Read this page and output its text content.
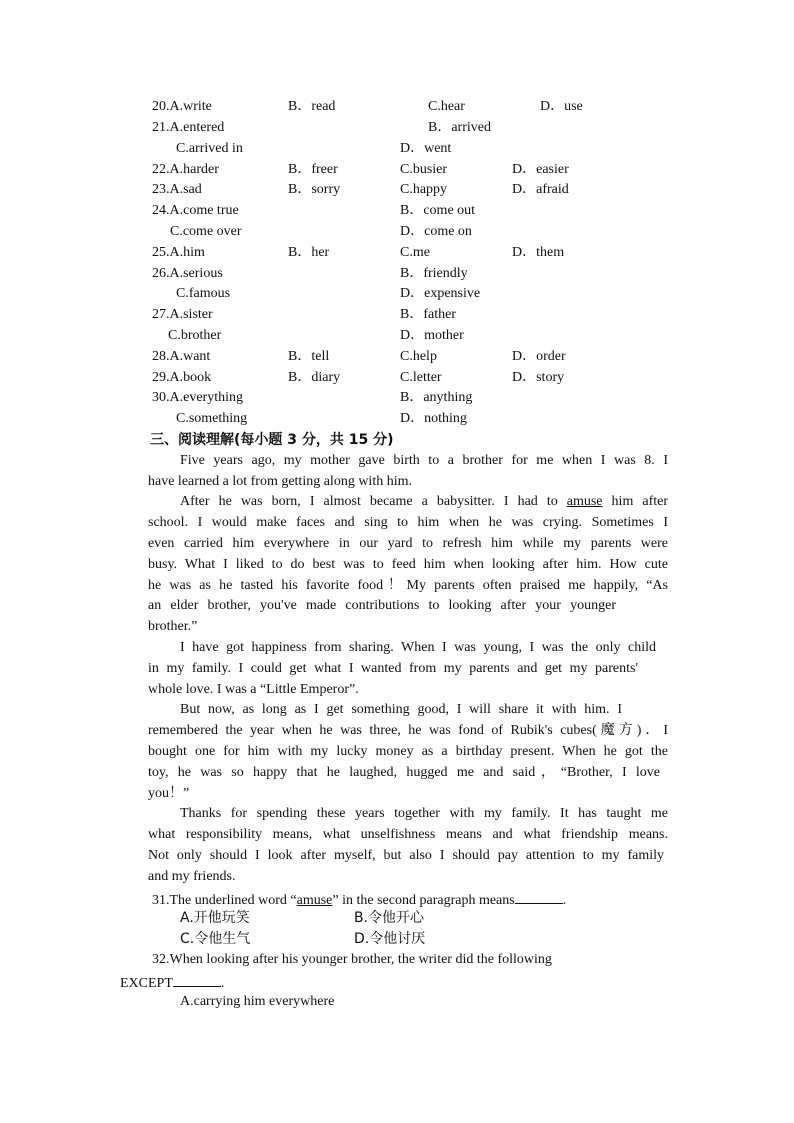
20.A.write	B．read	C.hear	D．use
21.A.entered	B．arrived
C.arrived in	D．went
22.A.harder	B．freer	C.busier	D．easier
23.A.sad	B．sorry	C.happy	D．afraid
24.A.come true	B．come out
C.come over	D．come on
25.A.him	B．her	C.me	D．them
26.A.serious	B．friendly
C.famous	D．expensive
27.A.sister	B．father
C.brother	D．mother
28.A.want	B．tell	C.help	D．order
29.A.book	B．diary	C.letter	D．story
30.A.everything	B．anything
C.something	D．nothing
三、阅读理解(每小题 3 分，共 15 分)
Five years ago, my mother gave birth to a brother for me when I was 8. I
have learned a lot from getting along with him.
After he was born, I almost became a babysitter. I had to amuse him after
school. I would make faces and sing to him when he was crying. Sometimes I
even carried him everywhere in our yard to refresh him while my parents were
busy. What I liked to do best was to feed him when looking after him. How cute
he was as he tasted his favorite food！My parents often praised me happily, “As
an elder brother, you've made contributions to looking after your younger
brother.”
I have got happiness from sharing. When I was young, I was the only child
in my family. I could get what I wanted from my parents and get my parents'
whole love. I was a “Little Emperor”.
But now, as long as I get something good, I will share it with him. I
remembered the year when he was three, he was fond of Rubik's cubes(魔方)．I
bought one for him with my lucky money as a birthday present. When he got the
toy, he was so happy that he laughed, hugged me and said，“Brother, I love
you！”
Thanks for spending these years together with my family. It has taught me
what responsibility means, what unselfishness means and what friendship means.
Not only should I look after myself, but also I should pay attention to my family
and my friends.
31.The underlined word “amuse” in the second paragraph means	.
A.开他玩笑	B.令他开心
C.令他生气	D.令他讨厌
32.When looking after his younger brother, the writer did the following
EXCEPT	.
A.carrying him everywhere
